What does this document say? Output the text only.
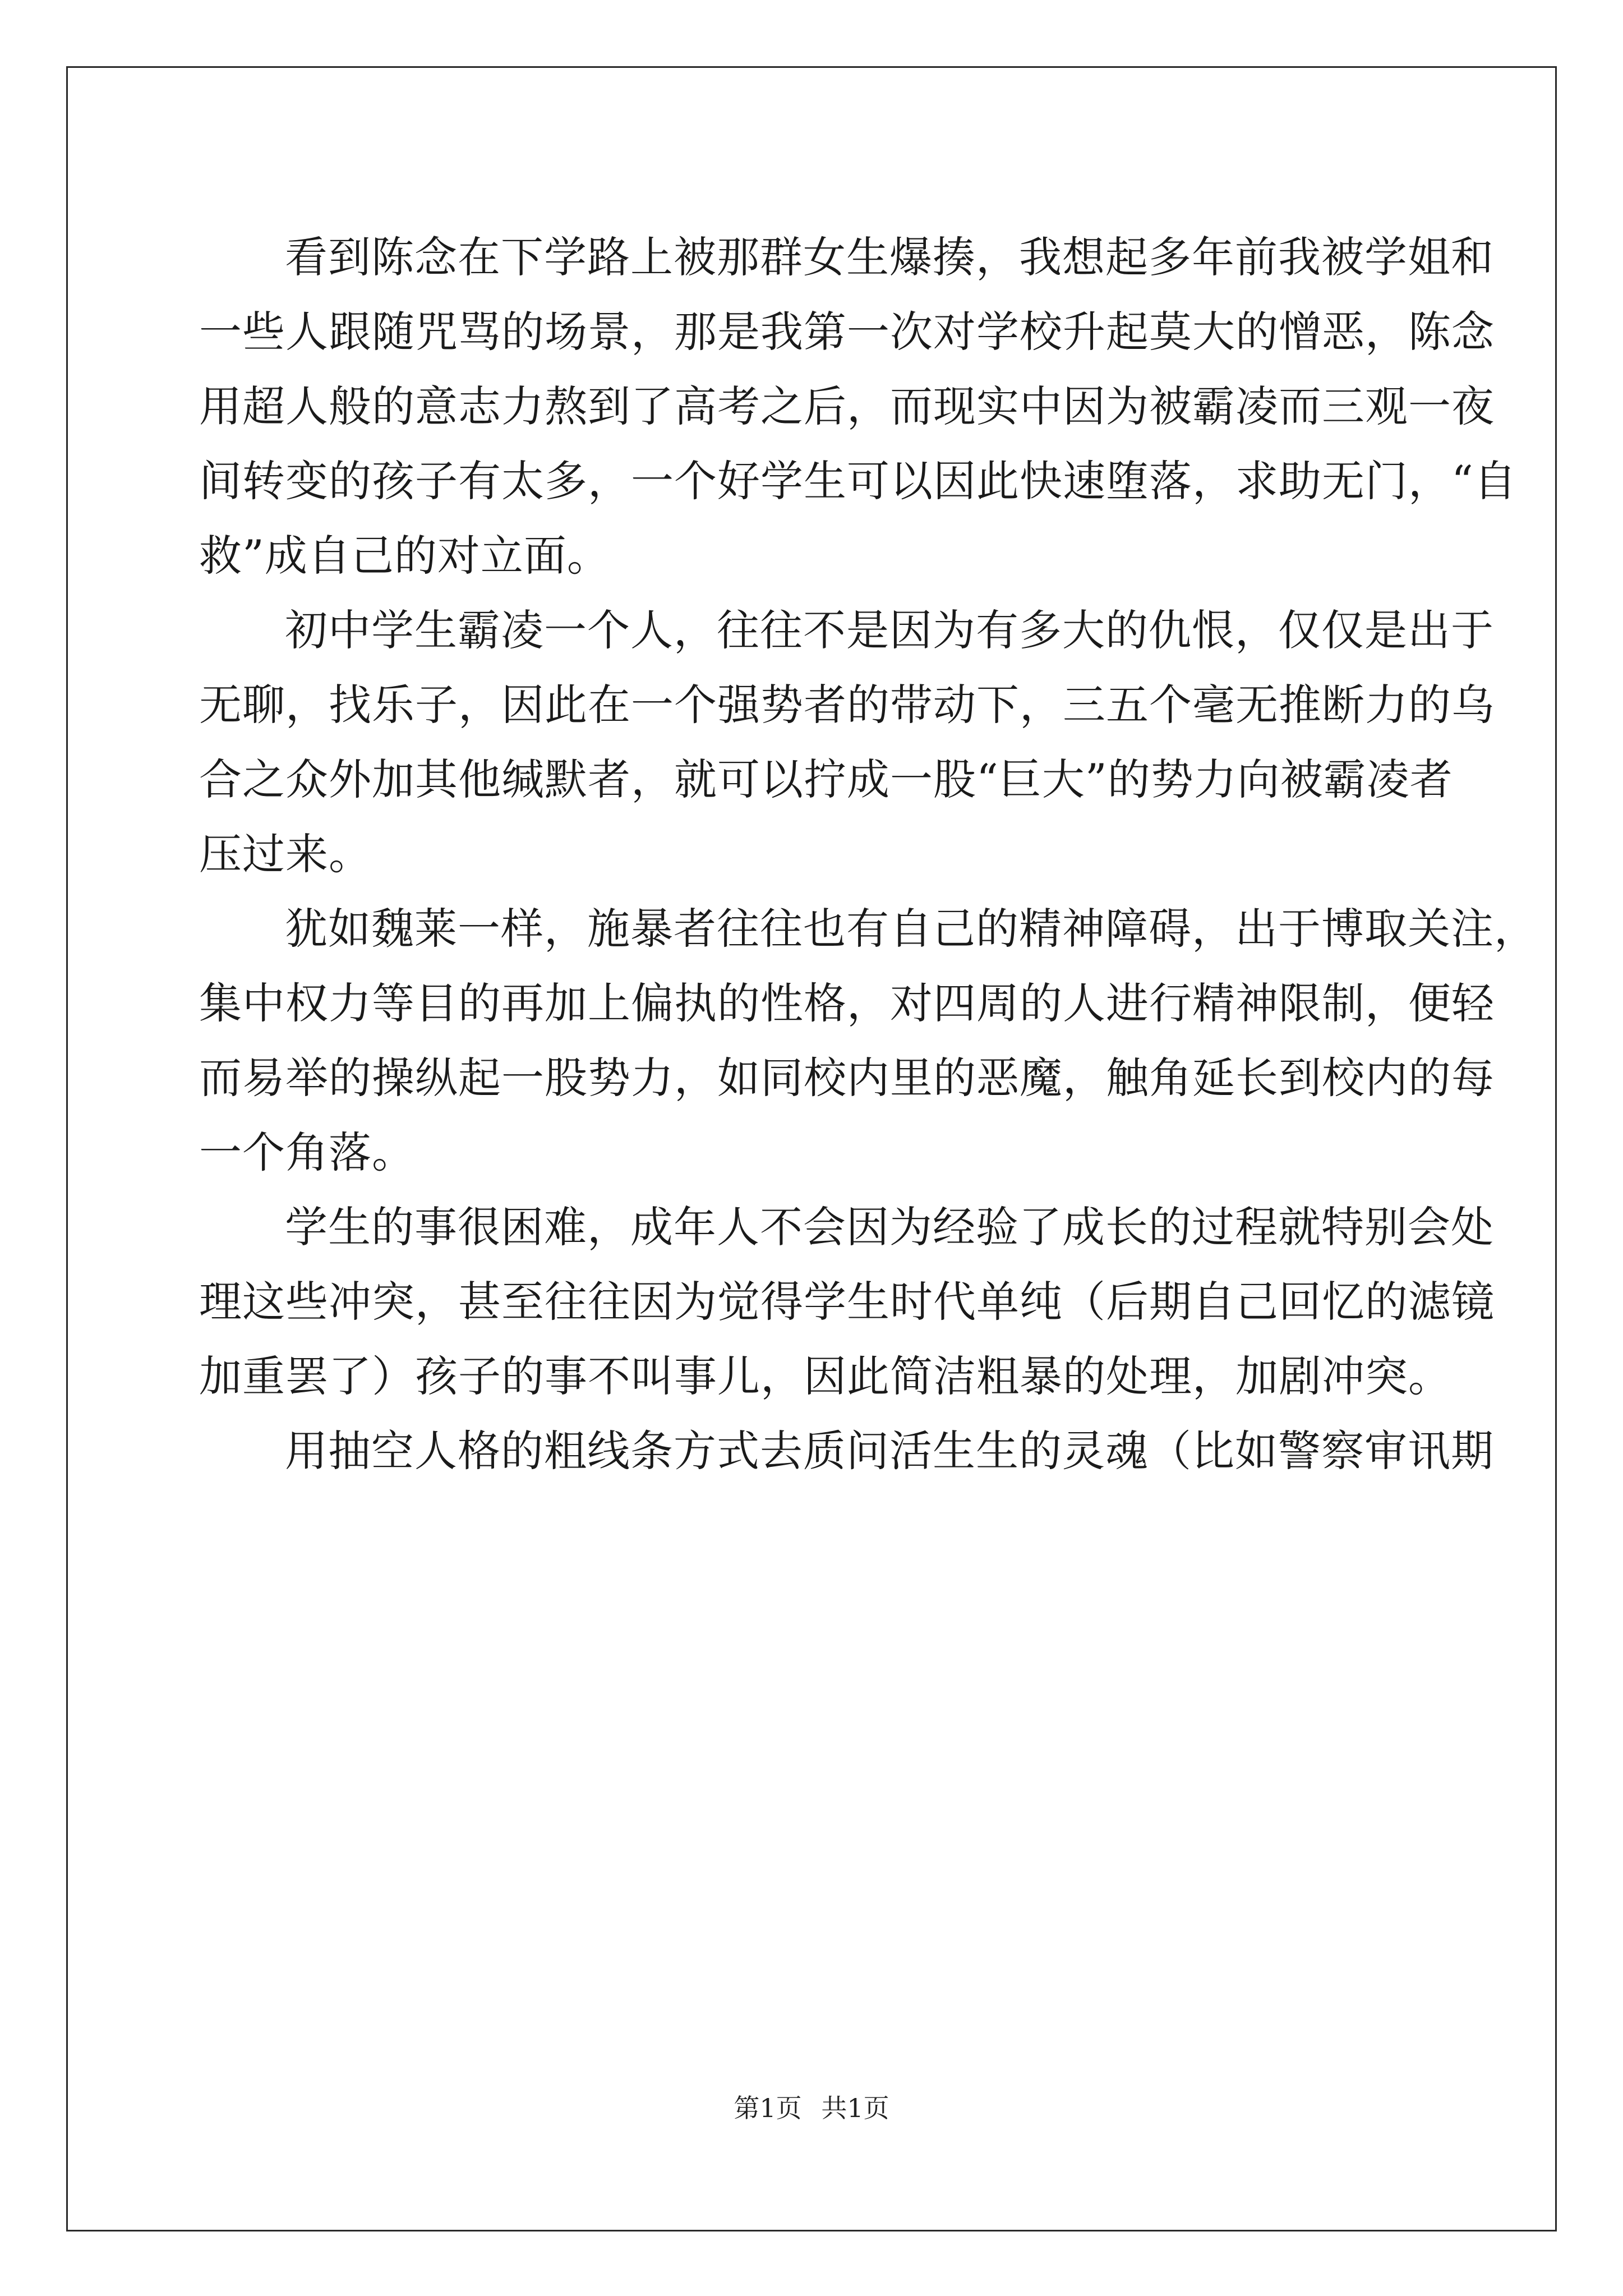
看到陈念在下学路上被那群女生爆揍，我想起多年前我被学姐和
一些人跟随咒骂的场景，那是我第一次对学校升起莫大的憎恶，陈念
用超人般的意志力熬到了高考之后，而现实中因为被霸凌而三观一夜
间转变的孩子有太多，一个好学生可以因此快速堕落，求助无门，“自
救”成自己的对立面。
初中学生霸凌一个人，往往不是因为有多大的仇恨，仅仅是出于
无聊，找乐子，因此在一个强势者的带动下，三五个毫无推断力的乌
合之众外加其他缄默者，就可以拧成一股“巨大”的势力向被霸凌者
压过来。
犹如魏莱一样，施暴者往往也有自己的精神障碍，出于博取关注，
集中权力等目的再加上偏执的性格，对四周的人进行精神限制，便轻
而易举的操纵起一股势力，如同校内里的恶魔，触角延长到校内的每
一个角落。
学生的事很困难，成年人不会因为经验了成长的过程就特别会处
理这些冲突，甚至往往因为觉得学生时代单纯（后期自己回忆的滤镜
加重罢了）孩子的事不叫事儿，因此简洁粗暴的处理，加剧冲突。
用抽空人格的粗线条方式去质问活生生的灵魂（比如警察审讯期
第1页 共1页
